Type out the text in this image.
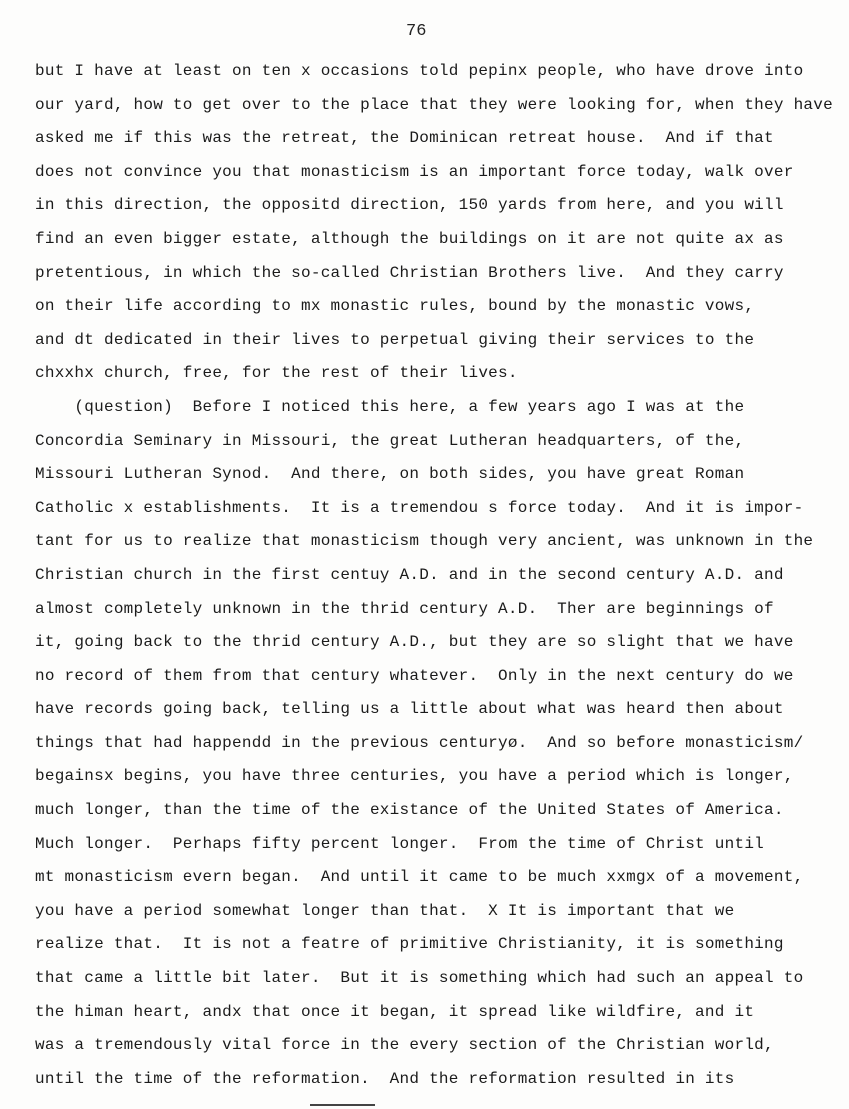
76
but I have at least on ten x occasions told pepinx people, who have drove into
our yard, how to get over to the place that they were looking for, when they have
asked me if this was the retreat, the Dominican retreat house.  And if that
does not convince you that monasticism is an important force today, walk over
in this direction, the oppositd direction, 150 yards from here, and you will
find an even bigger estate, although the buildings on it are not quite ax as
pretentious, in which the so-called Christian Brothers live.  And they carry
on their life according to mx monastic rules, bound by the monastic vows,
and dt dedicated in their lives to perpetual giving their services to the
chxxhx church, free, for the rest of their lives.
(question)  Before I noticed this here, a few years ago I was at the
Concordia Seminary in Missouri, the great Lutheran headquarters, of the,
Missouri Lutheran Synod.  And there, on both sides, you have great Roman
Catholic x establishments.  It is a tremendou s force today.  And it is impor-
tant for us to realize that monasticism though very ancient, was unknown in the
Christian church in the first centuy A.D. and in the second century A.D. and
almost completely unknown in the thrid century A.D.  Ther are beginnings of
it, going back to the thrid century A.D., but they are so slight that we have
no record of them from that century whatever.  Only in the next century do we
have records going back, telling us a little about what was heard then about
things that had happendd in the previous centuryø.  And so before monasticism/
begainsx begins, you have three centuries, you have a period which is longer,
much longer, than the time of the existance of the United States of America.
Much longer.  Perhaps fifty percent longer.  From the time of Christ until
mt monasticism evern began.  And until it came to be much xxmgx of a movement,
you have a period somewhat longer than that.  X It is important that we
realize that.  It is not a featre of primitive Christianity, it is something
that came a little bit later.  But it is something which had such an appeal to
the himan heart, andx that once it began, it spread like wildfire, and it
was a tremendously vital force in the every section of the Christian world,
until the time of the reformation.  And the reformation resulted in its
